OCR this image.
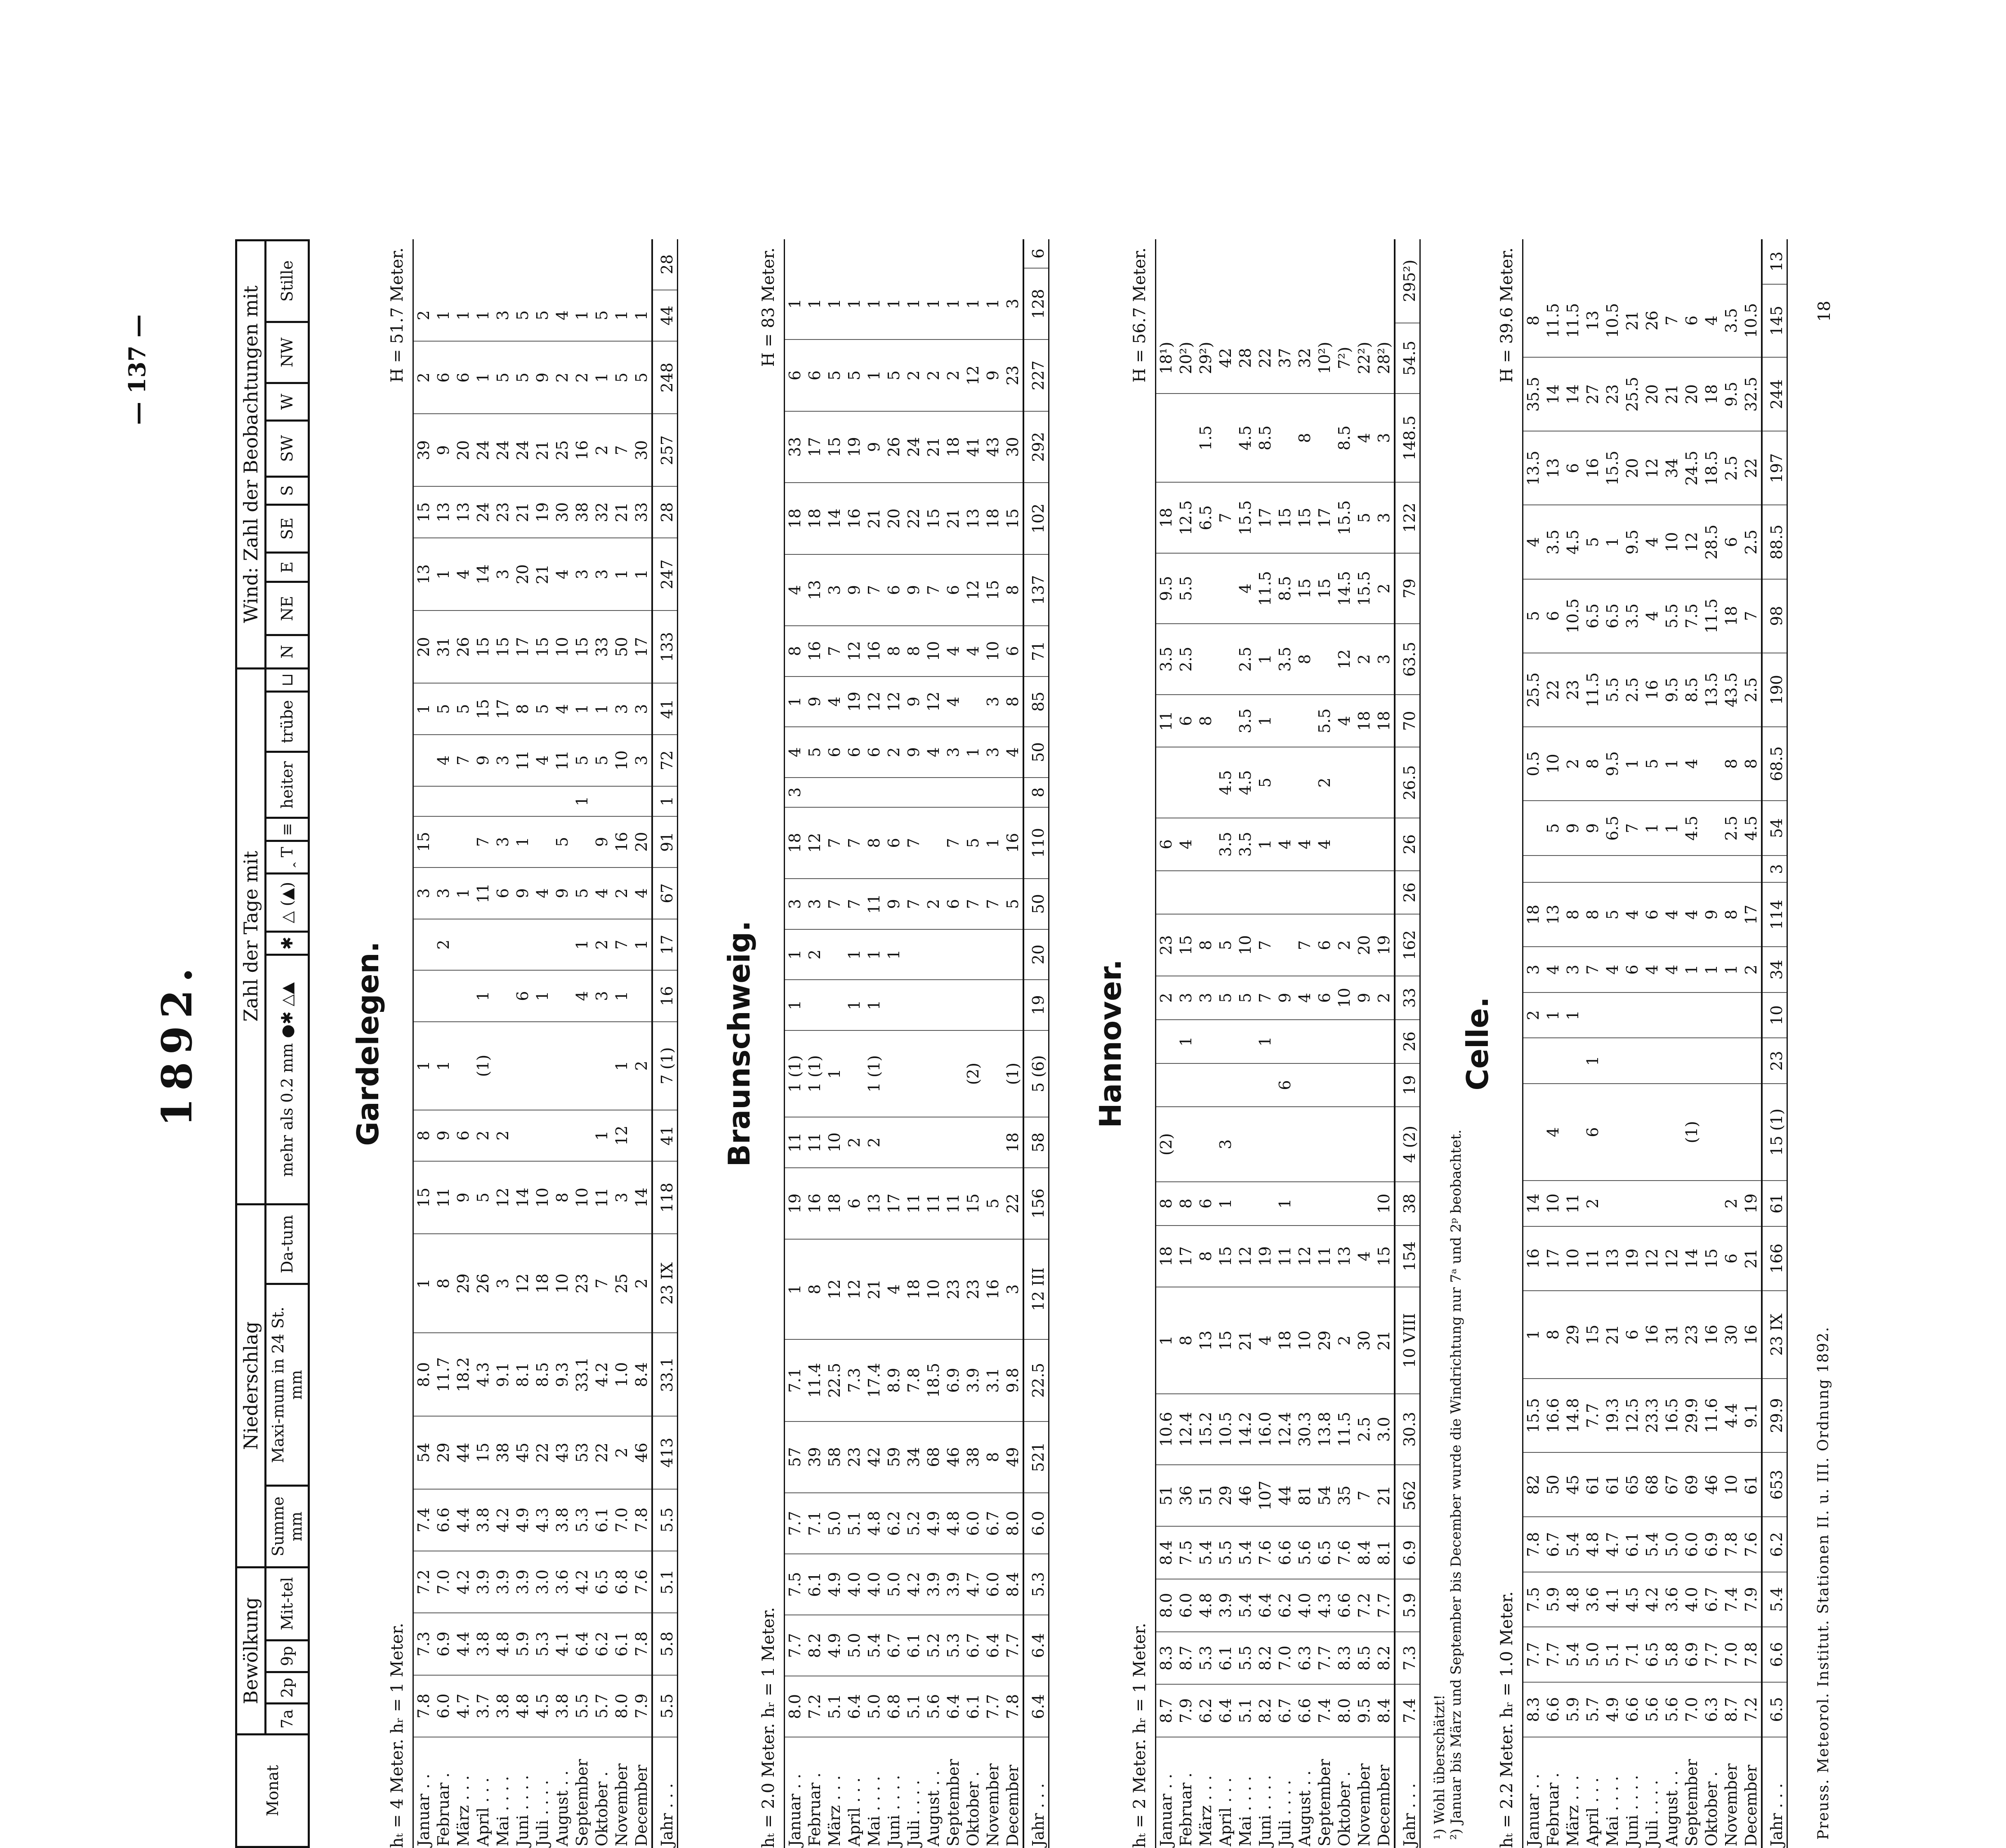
— 137 —
1892.
Monat	Bewölkung				Niederschlag			Zahl der Tage mit								Wind: Zahl der Beobachtungen mit								
	7a	2p	9p	Mit-tel	Summe
mm	Maxi-mum in 24 St.
mm	Da-tum	mehr als 0.2 mm ●✱ △▲	✱	△ (▲)	ꞈ T	≡	heiter	trübe	⊔	N	NE	E	SE	S	SW	W	NW	Stille
Gardelegen.
hₜ = 4 Meter. hᵣ = 1 Meter.
H = 51.7 Meter.
Januar . .	7.8	7.3	7.2	7.4	54	8.0	1	15	8	1			3	15			1	20	13	15	39	2	2	
Februar .	6.0	6.9	7.0	6.6	29	11.7	8	11	9	1		2	3			4	5	31	1	13	9	6	1	
März . . .	4.7	4.4	4.2	4.4	44	18.2	29	9	6				1			7	5	26	4	13	20	6	1	
April . . .	3.7	3.8	3.9	3.8	15	4.3	26	5	2	(1)	1		11	7		9	15	15	14	24	24	1	1	
Mai . . . .	3.8	4.8	3.9	4.2	38	9.1	3	12	2				6	3		3	17	15	3	23	24	5	3	
Juni . . . .	4.8	5.9	3.9	4.9	45	8.1	12	14			6		9	1		11	8	17	20	21	24	5	5	
Juli . . . .	4.5	5.3	3.0	4.3	22	8.5	18	10			1		4			4	5	15	21	19	21	9	5	
August . .	3.8	4.1	3.6	3.8	43	9.3	10	8					9	5		11	4	10	4	30	25	2	4	
September	5.5	6.4	4.2	5.3	53	33.1	23	10			4	1	5		1	5	1	15	3	38	16	2	1	
Oktober .	5.7	6.2	6.5	6.1	22	4.2	7	11	1		3	2	4	9		5	1	33	3	32	2	1	5	
November	8.0	6.1	6.8	7.0	2	1.0	25	3	12	1	1	7	2	16		10	3	50	1	21	7	5	1	
December	7.9	7.8	7.6	7.8	46	8.4	2	14		2		1	4	20		3	3	17	1	33	30	5	1	
Jahr . . .	5.5	5.8	5.1	5.5	413	33.1	23 IX	118	41	7 (1)	16	17	67	91	1	72	41	133	247	28	257	248	44	28
Braunschweig.
hₜ = 2.0 Meter. hᵣ = 1 Meter.
H = 83 Meter.
Januar . .	8.0	7.7	7.5	7.7	57	7.1	1	19	11	1 (1)	1	1	3	18	3	4	1	8	4	18	33	6	1	
Februar .	7.2	8.2	6.1	7.1	39	11.4	8	16	11	1 (1)		2	3	12		5	9	16	13	18	17	6	1	
März . . .	5.1	4.9	4.9	5.0	58	22.5	12	18	10	1			7	7		6	4	7	3	14	15	5	1	
April . . .	6.4	5.0	4.0	5.1	23	7.3	12	6	2		1	1	7	7		6	19	12	9	16	19	5	1	
Mai . . . .	5.0	5.4	4.0	4.8	42	17.4	21	13	2	1 (1)	1	1	11	8		6	12	16	7	21	9	1	1	
Juni . . . .	6.8	6.7	5.0	6.2	59	8.9	4	17				1	9	6		2	12	8	6	20	26	5	1	
Juli . . . .	5.1	6.1	4.2	5.2	34	7.8	18	11					7	7		9	9	8	9	22	24	2	1	
August . .	5.6	5.2	3.9	4.9	68	18.5	10	11					2			4	12	10	7	15	21	2	1	
September	6.4	5.3	3.9	4.8	46	6.9	23	11					6	7		3	4	4	6	21	18	2	1	
Oktober .	6.1	6.7	4.7	6.0	38	3.9	23	15		(2)			7	5		1		4	12	13	41	12	1	
November	7.7	6.4	6.0	6.7	8	3.1	16	5					7	1		3	3	10	15	18	43	9	1	
December	7.8	7.7	8.4	8.0	49	9.8	3	22	18	(1)			5	16		4	8	6	8	15	30	23	3	
Jahr . . .	6.4	6.4	5.3	6.0	521	22.5	12 III	156	58	5 (6)	19	20	50	110	8	50	85	71	137	102	292	227	128	6
Hannover.
hₜ = 2 Meter. hᵣ = 1 Meter.
H = 56.7 Meter.
Januar . .	8.7	8.3	8.0	8.4	51	10.6	1	18	8	(2)			2	23		6		11	3.5	9.5	18		18¹)	
Februar .	7.9	8.7	6.0	7.5	36	12.4	8	17	8			1	3	15		4		6	2.5	5.5	12.5		20²)	
März . . .	6.2	5.3	4.8	5.4	51	15.2	13	8	6				3	8				8			6.5	1.5	29²)	
April . . .	6.4	6.1	3.9	5.5	29	10.5	15	15	1	3			5	5		3.5	4.5				7		42	
Mai . . . .	5.1	5.5	5.4	5.4	46	14.2	21	12					5	10		3.5	4.5	3.5	2.5	4	15.5	4.5	28	
Juni . . . .	8.2	8.2	6.4	7.6	107	16.0	4	19				1	7	7		1	5	1	1	11.5	17	8.5	22	
Juli . . . .	6.7	7.0	6.2	6.6	44	12.4	18	11	1		6		9			4			3.5	8.5	15		37	
August . .	6.6	6.3	4.0	5.6	81	30.3	10	12					4	7		4			8	15	15	8	32	
September	7.4	7.7	4.3	6.5	54	13.8	29	11					6	6		4	2	5.5		15	17		10²)	
Oktober .	8.0	8.3	6.6	7.6	35	11.5	2	13					10	2				4	12	14.5	15.5	8.5	7²)	
November	9.5	8.5	7.2	8.4	7	2.5	30	4					9	20				18	2	15.5	5	4	22²)	
December	8.4	8.2	7.7	8.1	21	3.0	21	15	10				2	19				18	3	2	3	3	28²)	
Jahr . . .	7.4	7.3	5.9	6.9	562	30.3	10 VIII	154	38	4 (2)	19	26	33	162	26	26	26.5	70	63.5	79	122	148.5	54.5	295²)
¹) Wohl überschätzt! ²) Januar bis März und September bis December wurde die Windrichtung nur 7ᵃ und 2ᵖ beobachtet.
Celle.
hₜ = 2.2 Meter. hᵣ = 1.0 Meter.
H = 39.6 Meter.
Januar . .	8.3	7.7	7.5	7.8	82	15.5	1	16	14			2	3	18			0.5	25.5	5	4	13.5	35.5	8	
Februar .	6.6	7.7	5.9	6.7	50	16.6	8	17	10	4		1	4	13		5	10	22	6	3.5	13	14	11.5	
März . . .	5.9	5.4	4.8	5.4	45	14.8	29	10	11			1	3	8		9	2	23	10.5	4.5	6	14	11.5	
April . . .	5.7	5.0	3.6	4.8	61	7.7	15	11	2	6	1		7	8		9	8	11.5	6.5	5	16	27	13	
Mai . . . .	4.9	5.1	4.1	4.7	61	19.3	21	13					4	5		6.5	9.5	5.5	6.5	1	15.5	23	10.5	
Juni . . . .	6.6	7.1	4.5	6.1	65	12.5	6	19					6	4		7	1	2.5	3.5	9.5	20	25.5	21	
Juli . . . .	5.6	6.5	4.2	5.4	68	23.3	16	12					4	6		1	5	16	4	4	12	20	26	
August . .	5.6	5.8	3.6	5.0	67	16.5	31	12					4	4		1	1	9.5	5.5	10	34	21	7	
September	7.0	6.9	4.0	6.0	69	29.9	23	14		(1)			1	4		4.5	4	8.5	7.5	12	24.5	20	6	
Oktober .	6.3	7.7	6.7	6.9	46	11.6	16	15					1	9				13.5	11.5	28.5	18.5	18	4	
November	8.7	7.0	7.4	7.8	10	4.4	30	6	2				1	8		2.5	8	43.5	18	6	2.5	9.5	3.5	
December	7.2	7.8	7.9	7.6	61	9.1	16	21	19				2	17		4.5	8	2.5	7	2.5	22	32.5	10.5	
Jahr . . .	6.5	6.6	5.4	6.2	653	29.9	23 IX	166	61	15 (1)	23	10	34	114	3	54	68.5	190	98	88.5	197	244	145	13
Preuss. Meteorol. Institut. Stationen II. u. III. Ordnung 1892.
18
